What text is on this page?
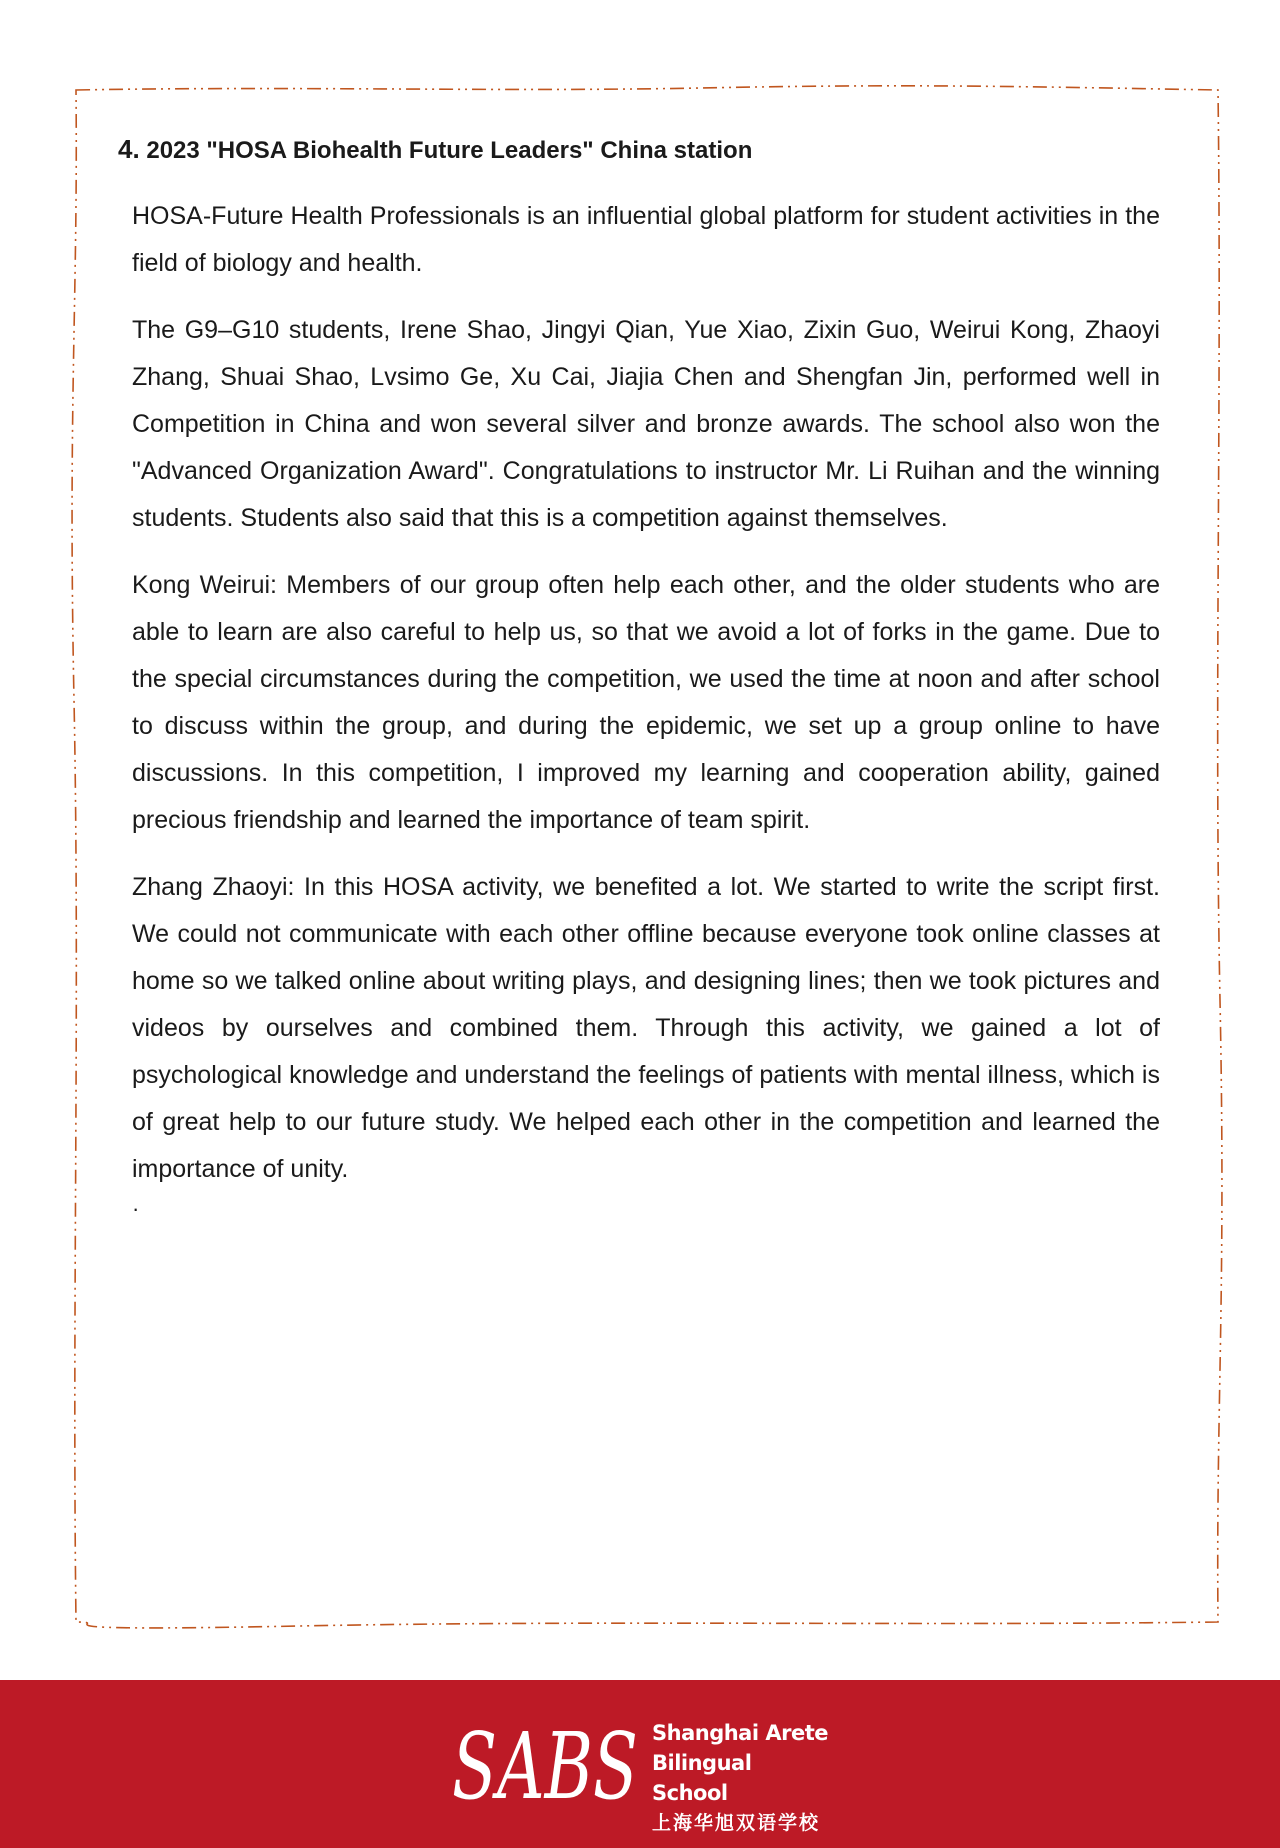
4. 2023 "HOSA Biohealth Future Leaders" China station

HOSA-Future Health Professionals is an influential global platform for student activities in the field of biology and health.

The G9–G10 students, Irene Shao, Jingyi Qian, Yue Xiao, Zixin Guo, Weirui Kong, Zhaoyi Zhang, Shuai Shao, Lvsimo Ge, Xu Cai, Jiajia Chen and Shengfan Jin, performed well in Competition in China and won several silver and bronze awards. The school also won the "Advanced Organization Award". Congratulations to instructor Mr. Li Ruihan and the winning students. Students also said that this is a competition against themselves.

Kong Weirui: Members of our group often help each other, and the older students who are able to learn are also careful to help us, so that we avoid a lot of forks in the game. Due to the special circumstances during the competition, we used the time at noon and after school to discuss within the group, and during the epidemic, we set up a group online to have discussions. In this competition, I improved my learning and cooperation ability, gained precious friendship and learned the importance of team spirit.

Zhang Zhaoyi: In this HOSA activity, we benefited a lot. We started to write the script first. We could not communicate with each other offline because everyone took online classes at home so we talked online about writing plays, and designing lines; then we took pictures and videos by ourselves and combined them. Through this activity, we gained a lot of psychological knowledge and understand the feelings of patients with mental illness, which is of great help to our future study. We helped each other in the competition and learned the importance of unity.

·
SABS Shanghai Arete
Bilingual School
上海华旭双语学校
